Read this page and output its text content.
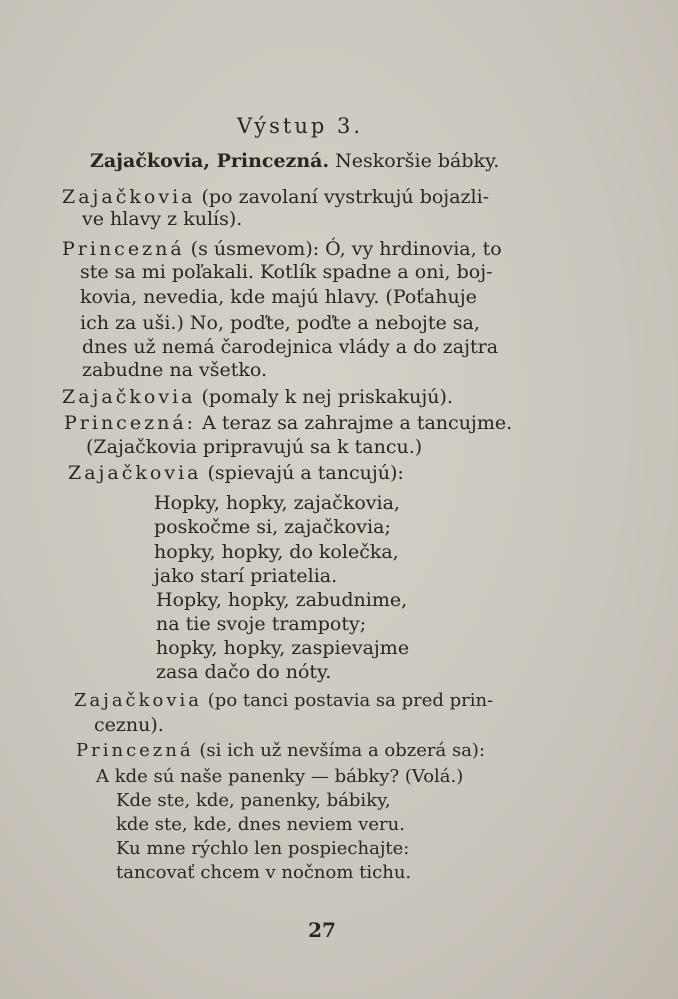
Výstup 3.
Zajačkovia, Princezná. Neskoršie bábky.
Zajačkovia (po zavolaní vystrkujú bojazli-
ve hlavy z kulís).
Princezná (s úsmevom): Ó, vy hrdinovia, to
ste sa mi poľakali. Kotlík spadne a oni, boj-
kovia, nevedia, kde majú hlavy. (Poťahuje
ich za uši.) No, poďte, poďte a nebojte sa,
dnes už nemá čarodejnica vlády a do zajtra
zabudne na všetko.
Zajačkovia (pomaly k nej priskakujú).
Princezná: A teraz sa zahrajme a tancujme.
(Zajačkovia pripravujú sa k tancu.)
Zajačkovia (spievajú a tancujú):
Hopky, hopky, zajačkovia,
poskočme si, zajačkovia;
hopky, hopky, do kolečka,
jako starí priatelia.
Hopky, hopky, zabudnime,
na tie svoje trampoty;
hopky, hopky, zaspievajme
zasa dačo do nóty.
Zajačkovia (po tanci postavia sa pred prin-
ceznu).
Princezná (si ich už nevšíma a obzerá sa):
A kde sú naše panenky — bábky? (Volá.)
Kde ste, kde, panenky, bábiky,
kde ste, kde, dnes neviem veru.
Ku mne rýchlo len pospiechajte:
tancovať chcem v nočnom tichu.
27
